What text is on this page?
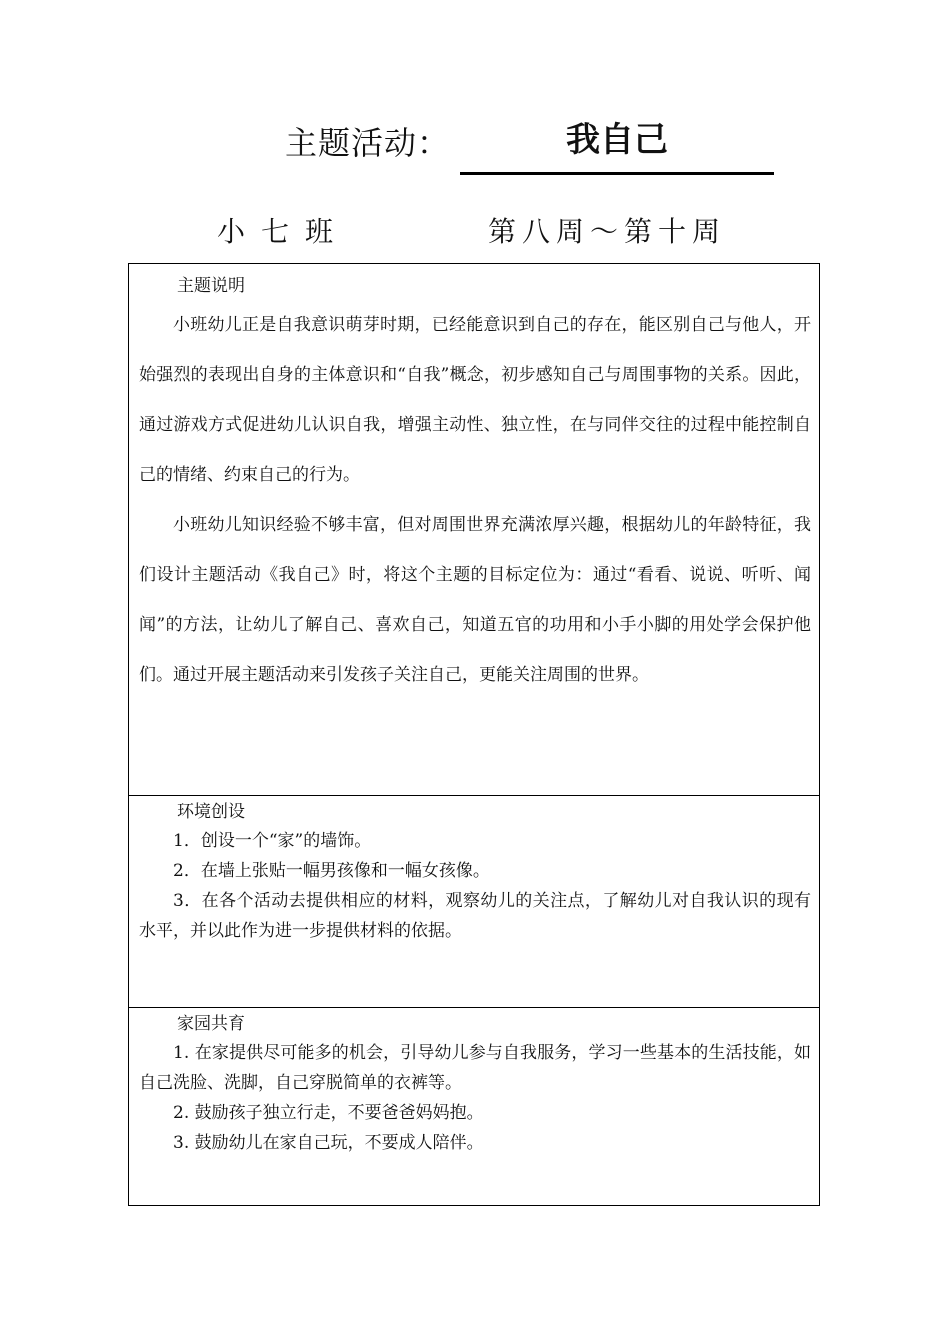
主题活动：	我自己
小七班	第八周～第十周
主题说明

小班幼儿正是自我意识萌芽时期，已经能意识到自己的存在，能区别自己与他人，开始强烈的表现出自身的主体意识和“自我”概念，初步感知自己与周围事物的关系。因此，通过游戏方式促进幼儿认识自我，增强主动性、独立性，在与同伴交往的过程中能控制自己的情绪、约束自己的行为。

小班幼儿知识经验不够丰富，但对周围世界充满浓厚兴趣，根据幼儿的年龄特征，我们设计主题活动《我自己》时，将这个主题的目标定位为：通过“看看、说说、听听、闻闻”的方法，让幼儿了解自己、喜欢自己，知道五官的功用和小手小脚的用处学会保护他们。通过开展主题活动来引发孩子关注自己，更能关注周围的世界。

环境创设

1．创设一个“家”的墙饰。

2．在墙上张贴一幅男孩像和一幅女孩像。

3．在各个活动去提供相应的材料，观察幼儿的关注点，了解幼儿对自我认识的现有水平，并以此作为进一步提供材料的依据。

家园共育

1. 在家提供尽可能多的机会，引导幼儿参与自我服务，学习一些基本的生活技能，如自己洗脸、洗脚，自己穿脱简单的衣裤等。

2. 鼓励孩子独立行走，不要爸爸妈妈抱。

3. 鼓励幼儿在家自己玩，不要成人陪伴。
